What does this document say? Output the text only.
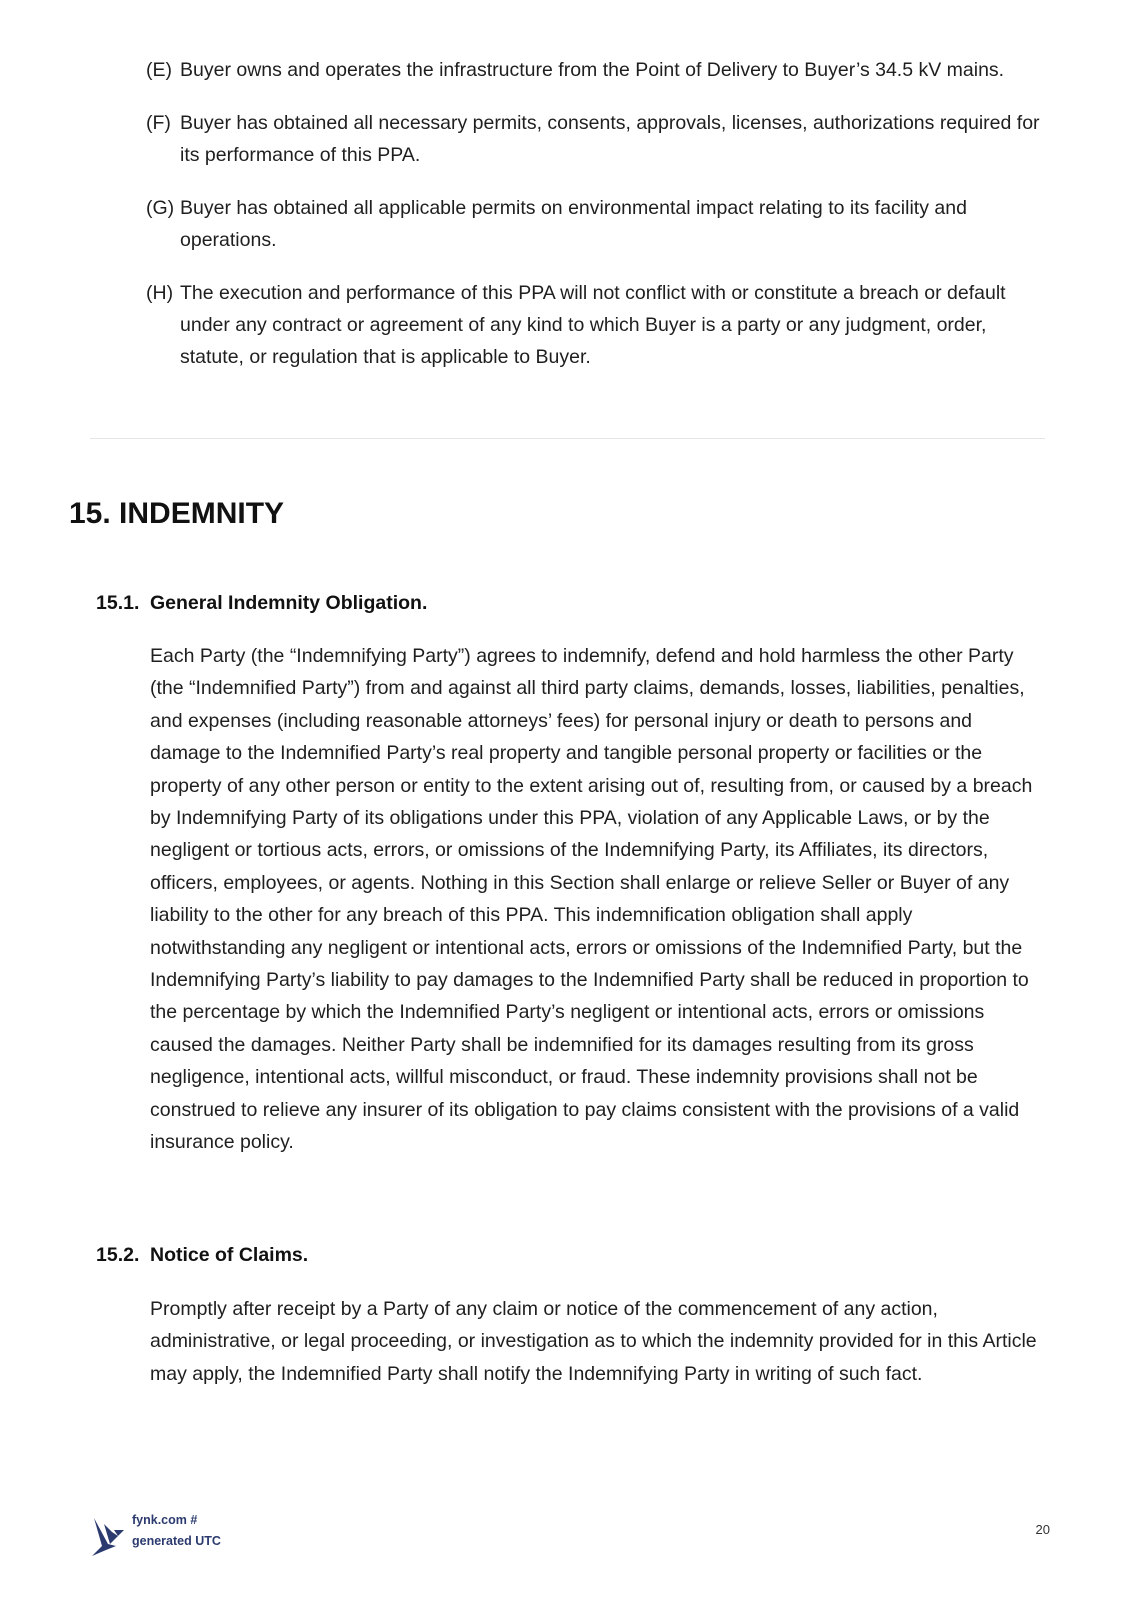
(E) Buyer owns and operates the infrastructure from the Point of Delivery to Buyer’s 34.5 kV mains.
(F) Buyer has obtained all necessary permits, consents, approvals, licenses, authorizations required for its performance of this PPA.
(G) Buyer has obtained all applicable permits on environmental impact relating to its facility and operations.
(H) The execution and performance of this PPA will not conflict with or constitute a breach or default under any contract or agreement of any kind to which Buyer is a party or any judgment, order, statute, or regulation that is applicable to Buyer.
15. INDEMNITY
15.1. General Indemnity Obligation.

Each Party (the “Indemnifying Party”) agrees to indemnify, defend and hold harmless the other Party (the “Indemnified Party”) from and against all third party claims, demands, losses, liabilities, penalties, and expenses (including reasonable attorneys’ fees) for personal injury or death to persons and damage to the Indemnified Party’s real property and tangible personal property or facilities or the property of any other person or entity to the extent arising out of, resulting from, or caused by a breach by Indemnifying Party of its obligations under this PPA, violation of any Applicable Laws, or by the negligent or tortious acts, errors, or omissions of the Indemnifying Party, its Affiliates, its directors, officers, employees, or agents. Nothing in this Section shall enlarge or relieve Seller or Buyer of any liability to the other for any breach of this PPA. This indemnification obligation shall apply notwithstanding any negligent or intentional acts, errors or omissions of the Indemnified Party, but the Indemnifying Party’s liability to pay damages to the Indemnified Party shall be reduced in proportion to the percentage by which the Indemnified Party’s negligent or intentional acts, errors or omissions caused the damages. Neither Party shall be indemnified for its damages resulting from its gross negligence, intentional acts, willful misconduct, or fraud. These indemnity provisions shall not be construed to relieve any insurer of its obligation to pay claims consistent with the provisions of a valid insurance policy.

15.2. Notice of Claims.

Promptly after receipt by a Party of any claim or notice of the commencement of any action, administrative, or legal proceeding, or investigation as to which the indemnity provided for in this Article may apply, the Indemnified Party shall notify the Indemnifying Party in writing of such fact.

fynk.com #
generated UTC
20
